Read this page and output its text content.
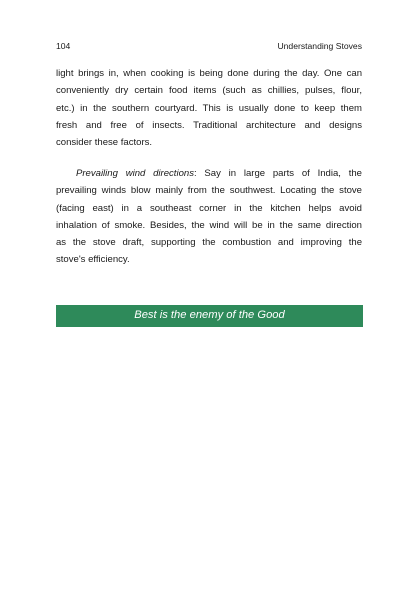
104	Understanding Stoves
light brings in, when cooking is being done during the day. One can
conveniently dry certain food items (such as chillies, pulses, flour,
etc.) in the southern courtyard. This is usually done to keep them
fresh and free of insects. Traditional architecture and designs
consider these factors.
Prevailing wind directions: Say in large parts of India, the
prevailing winds blow mainly from the southwest. Locating the stove
(facing east) in a southeast corner in the kitchen helps avoid
inhalation of smoke. Besides, the wind will be in the same direction
as the stove draft, supporting the combustion and improving the
stove's efficiency.
Best is the enemy of the Good
